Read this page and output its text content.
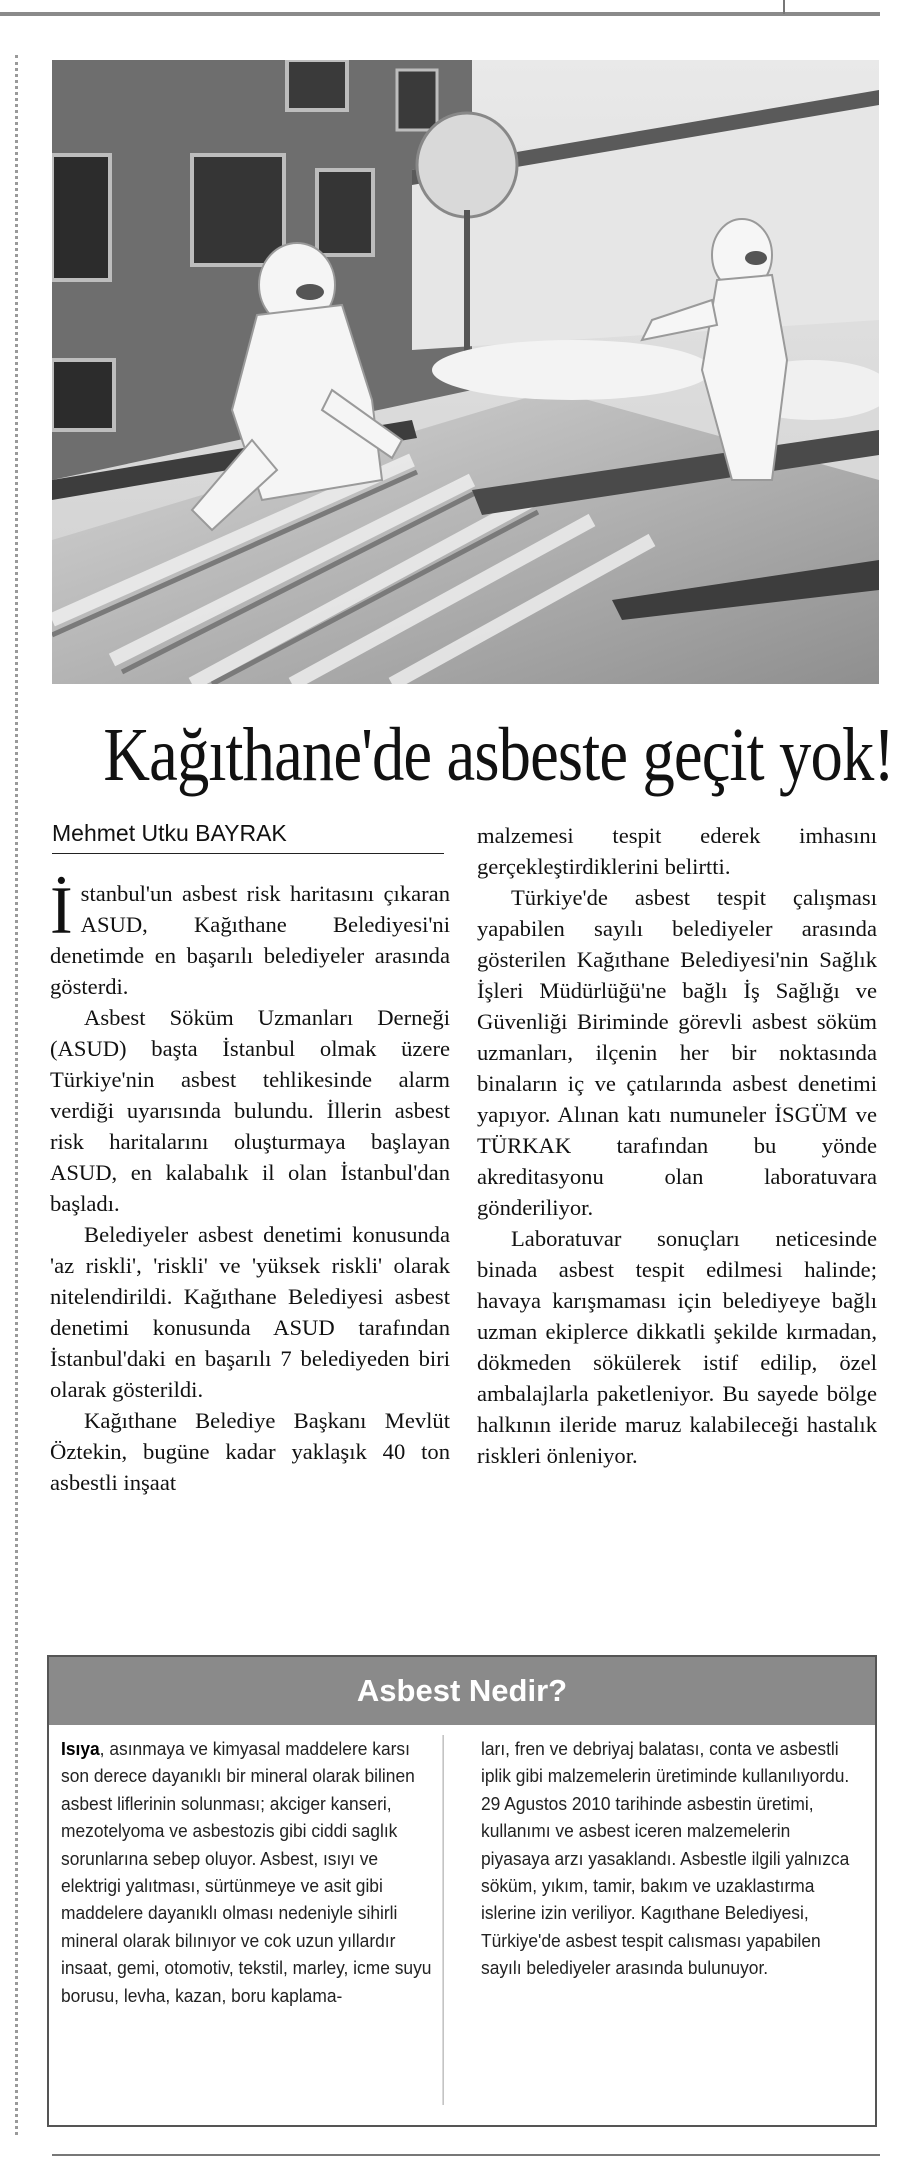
Kağıthane'de asbeste geçit yok!
Mehmet Utku BAYRAK

İstanbul'un asbest risk haritasını çıkaran ASUD, Kağıthane Belediyesi'ni denetimde en başarılı belediyeler arasında gösterdi.

Asbest Söküm Uzmanları Derneği (ASUD) başta İstanbul olmak üzere Türkiye'nin asbest tehlikesinde alarm verdiği uyarısında bulundu. İllerin asbest risk haritalarını oluşturmaya başlayan ASUD, en kalabalık il olan İstanbul'dan başladı.

Belediyeler asbest denetimi konusunda 'az riskli', 'riskli' ve 'yüksek riskli' olarak nitelendirildi. Kağıthane Belediyesi asbest denetimi konusunda ASUD tarafından İstanbul'daki en başarılı 7 belediyeden biri olarak gösterildi.

Kağıthane Belediye Başkanı Mevlüt Öztekin, bugüne kadar yaklaşık 40 ton asbestli inşaat

malzemesi tespit ederek imhasını gerçekleştirdiklerini belirtti.

Türkiye'de asbest tespit çalışması yapabilen sayılı belediyeler arasında gösterilen Kağıthane Belediyesi'nin Sağlık İşleri Müdürlüğü'ne bağlı İş Sağlığı ve Güvenliği Biriminde görevli asbest söküm uzmanları, ilçenin her bir noktasında binaların iç ve çatılarında asbest denetimi yapıyor. Alınan katı numuneler İSGÜM ve TÜRKAK tarafından bu yönde akreditasyonu olan laboratuvara gönderiliyor.

Laboratuvar sonuçları neticesinde binada asbest tespit edilmesi halinde; havaya karışmaması için belediyeye bağlı uzman ekiplerce dikkatli şekilde kırmadan, dökmeden sökülerek istif edilip, özel ambalajlarla paketleniyor. Bu sayede bölge halkının ileride maruz kalabileceği hastalık riskleri önleniyor.

Asbest Nedir?

Isıya, asınmaya ve kimyasal maddelere karsı son derece dayanıklı bir mineral olarak bilinen asbest liflerinin solunması; akciger kanseri, mezotelyoma ve asbestozis gibi ciddi saglık sorunlarına sebep oluyor. Asbest, ısıyı ve elektrigi yalıtması, sürtünmeye ve asit gibi maddelere dayanıklı olması nedeniyle sihirli mineral olarak bilınıyor ve cok uzun yıllardır insaat, gemi, otomotiv, tekstil, marley, icme suyu borusu, levha, kazan, boru kaplama-

ları, fren ve debriyaj balatası, conta ve asbestli iplik gibi malzemelerin üretiminde kullanılıyordu.

29 Agustos 2010 tarihinde asbestin üretimi, kullanımı ve asbest iceren malzemelerin piyasaya arzı yasaklandı. Asbestle ilgili yalnızca söküm, yıkım, tamir, bakım ve uzaklastırma islerine izin veriliyor. Kagıthane Belediyesi, Türkiye'de asbest tespit calısması yapabilen sayılı belediyeler arasında bulunuyor.
